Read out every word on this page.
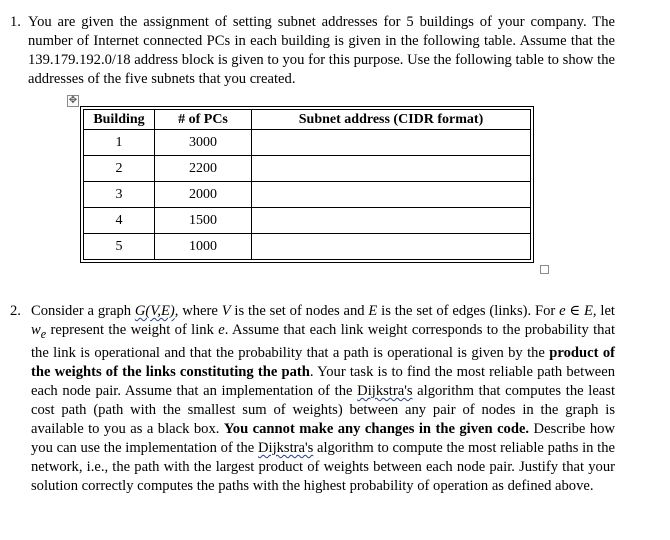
1. You are given the assignment of setting subnet addresses for 5 buildings of your company. The number of Internet connected PCs in each building is given in the following table. Assume that the 139.179.192.0/18 address block is given to you for this purpose. Use the following table to show the addresses of the five subnets that you created.
✥
Building	# of PCs	Subnet address (CIDR format)
1	3000	
2	2200	
3	2000	
4	1500	
5	1000	
2. Consider a graph G(V,E), where V is the set of nodes and E is the set of edges (links). For e ∈ E, let $w_e$ represent the weight of link e. Assume that each link weight corresponds to the probability that the link is operational and that the probability that a path is operational is given by the product of the weights of the links constituting the path. Your task is to find the most reliable path between each node pair. Assume that an implementation of the Dijkstra's algorithm that computes the least cost path (path with the smallest sum of weights) between any pair of nodes in the graph is available to you as a black box. You cannot make any changes in the given code. Describe how you can use the implementation of the Dijkstra's algorithm to compute the most reliable paths in the network, i.e., the path with the largest product of weights between each node pair. Justify that your solution correctly computes the paths with the highest probability of operation as defined above.
